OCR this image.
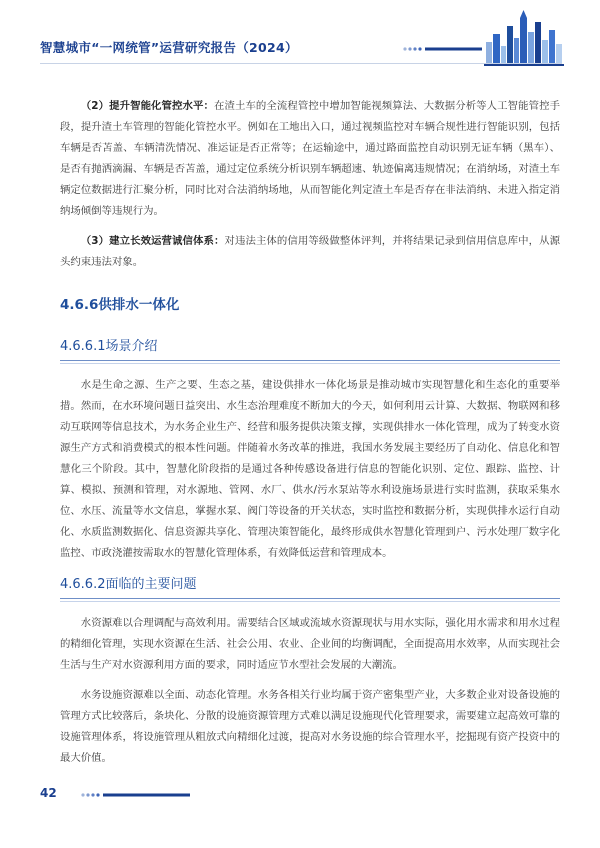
智慧城市“一网统管”运营研究报告（2024）

（2）提升智能化管控水平：在渣土车的全流程管控中增加智能视频算法、大数据分析等人工智能管控手段，提升渣土车管理的智能化管控水平。例如在工地出入口，通过视频监控对车辆合规性进行智能识别，包括车辆是否苫盖、车辆清洗情况、准运证是否正常等；在运输途中，通过路面监控自动识别无证车辆（黑车）、是否有抛洒滴漏、车辆是否苫盖，通过定位系统分析识别车辆超速、轨迹偏离违规情况；在消纳场，对渣土车辆定位数据进行汇聚分析，同时比对合法消纳场地，从而智能化判定渣土车是否存在非法消纳、未进入指定消纳场倾倒等违规行为。

（3）建立长效运营诚信体系：对违法主体的信用等级做整体评判，并将结果记录到信用信息库中，从源头约束违法对象。

4.6.6供排水一体化
4.6.6.1场景介绍

水是生命之源、生产之要、生态之基，建设供排水一体化场景是推动城市实现智慧化和生态化的重要举措。然而，在水环境问题日益突出、水生态治理难度不断加大的今天，如何利用云计算、大数据、物联网和移动互联网等信息技术，为水务企业生产、经营和服务提供决策支撑，实现供排水一体化管理，成为了转变水资源生产方式和消费模式的根本性问题。伴随着水务改革的推进，我国水务发展主要经历了自动化、信息化和智慧化三个阶段。其中，智慧化阶段指的是通过各种传感设备进行信息的智能化识别、定位、跟踪、监控、计算、模拟、预测和管理，对水源地、管网、水厂、供水/污水泵站等水利设施场景进行实时监测，获取采集水位、水压、流量等水文信息，掌握水泵、阀门等设备的开关状态，实时监控和数据分析，实现供排水运行自动化、水质监测数据化、信息资源共享化、管理决策智能化，最终形成供水智慧化管理到户、污水处理厂数字化监控、市政浇灌按需取水的智慧化管理体系，有效降低运营和管理成本。

4.6.6.2面临的主要问题

水资源难以合理调配与高效利用。需要结合区域或流域水资源现状与用水实际，强化用水需求和用水过程的精细化管理，实现水资源在生活、社会公用、农业、企业间的均衡调配，全面提高用水效率，从而实现社会生活与生产对水资源利用方面的要求，同时适应节水型社会发展的大潮流。

水务设施资源难以全面、动态化管理。水务各相关行业均属于资产密集型产业，大多数企业对设备设施的管理方式比较落后，条块化、分散的设施资源管理方式难以满足设施现代化管理要求，需要建立起高效可靠的设施管理体系，将设施管理从粗放式向精细化过渡，提高对水务设施的综合管理水平，挖掘现有资产投资中的最大价值。

42
